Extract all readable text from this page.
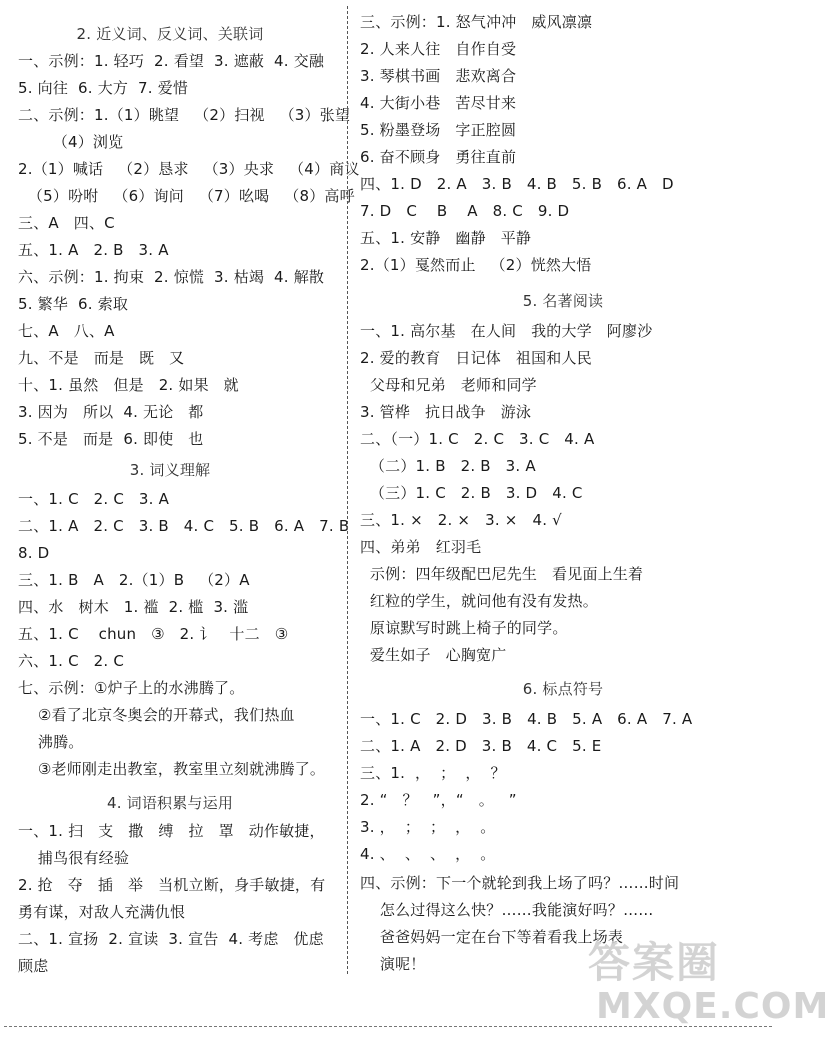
2. 近义词、反义词、关联词
一、示例：1. 轻巧  2. 看望  3. 遮蔽  4. 交融
5. 向往  6. 大方  7. 爱惜
二、示例：1.（1）眺望   （2）扫视   （3）张望
（4）浏览
2.（1）喊话   （2）恳求   （3）央求   （4）商议
（5）吩咐   （6）询问   （7）吆喝   （8）高呼
三、A   四、C
五、1. A   2. B   3. A
六、示例：1. 拘束  2. 惊慌  3. 枯竭  4. 解散
5. 繁华  6. 索取
七、A   八、A
九、不是   而是   既   又
十、1. 虽然   但是   2. 如果   就
3. 因为   所以  4. 无论   都
5. 不是   而是  6. 即使   也
3. 词义理解
一、1. C   2. C   3. A
二、1. A   2. C   3. B   4. C   5. B   6. A   7. B
8. D
三、1. B   A   2.（1）B   （2）A
四、水   树木   1. 褴  2. 槛  3. 滥
五、1. C    chun   ③   2. 讠   十二   ③
六、1. C   2. C
七、示例：①炉子上的水沸腾了。
②看了北京冬奥会的开幕式，我们热血
沸腾。
③老师刚走出教室，教室里立刻就沸腾了。
4. 词语积累与运用
一、1. 扫   支   撒   缚   拉   罩   动作敏捷，
捕鸟很有经验
2. 抢   夺   插   举   当机立断，身手敏捷，有
勇有谋，对敌人充满仇恨
二、1. 宣扬  2. 宣读  3. 宣告  4. 考虑   优虑
顾虑
三、示例：1. 怒气冲冲   威风凛凛
2. 人来人往   自作自受
3. 琴棋书画   悲欢离合
4. 大街小巷   苦尽甘来
5. 粉墨登场   字正腔圆
6. 奋不顾身   勇往直前
四、1. D   2. A   3. B   4. B   5. B   6. A   D
7. D   C    B    A   8. C   9. D
五、1. 安静   幽静   平静
2.（1）戛然而止   （2）恍然大悟
5. 名著阅读
一、1. 高尔基   在人间   我的大学   阿廖沙
2. 爱的教育   日记体   祖国和人民
父母和兄弟   老师和同学
3. 管桦   抗日战争   游泳
二、（一）1. C   2. C   3. C   4. A
（二）1. B   2. B   3. A
（三）1. C   2. B   3. D   4. C
三、1. ×   2. ×   3. ×   4. √
四、弟弟   红羽毛
示例：四年级配巴尼先生   看见面上生着
红粒的学生，就问他有没有发热。
原谅默写时跳上椅子的同学。
爱生如子   心胸宽广
6. 标点符号
一、1. C   2. D   3. B   4. B   5. A   6. A   7. A
二、1. A   2. D   3. B   4. C   5. E
三、1.  ，  ；  ，  ？
2. “   ？   ”，“   。   ”
3. ，  ；  ；  ，  。
4. 、  、  、  ，  。
四、示例：下一个就轮到我上场了吗？……时间
怎么过得这么快？……我能演好吗？……
爸爸妈妈一定在台下等着看我上场表
演呢！	答案圈
MXQE.COM
